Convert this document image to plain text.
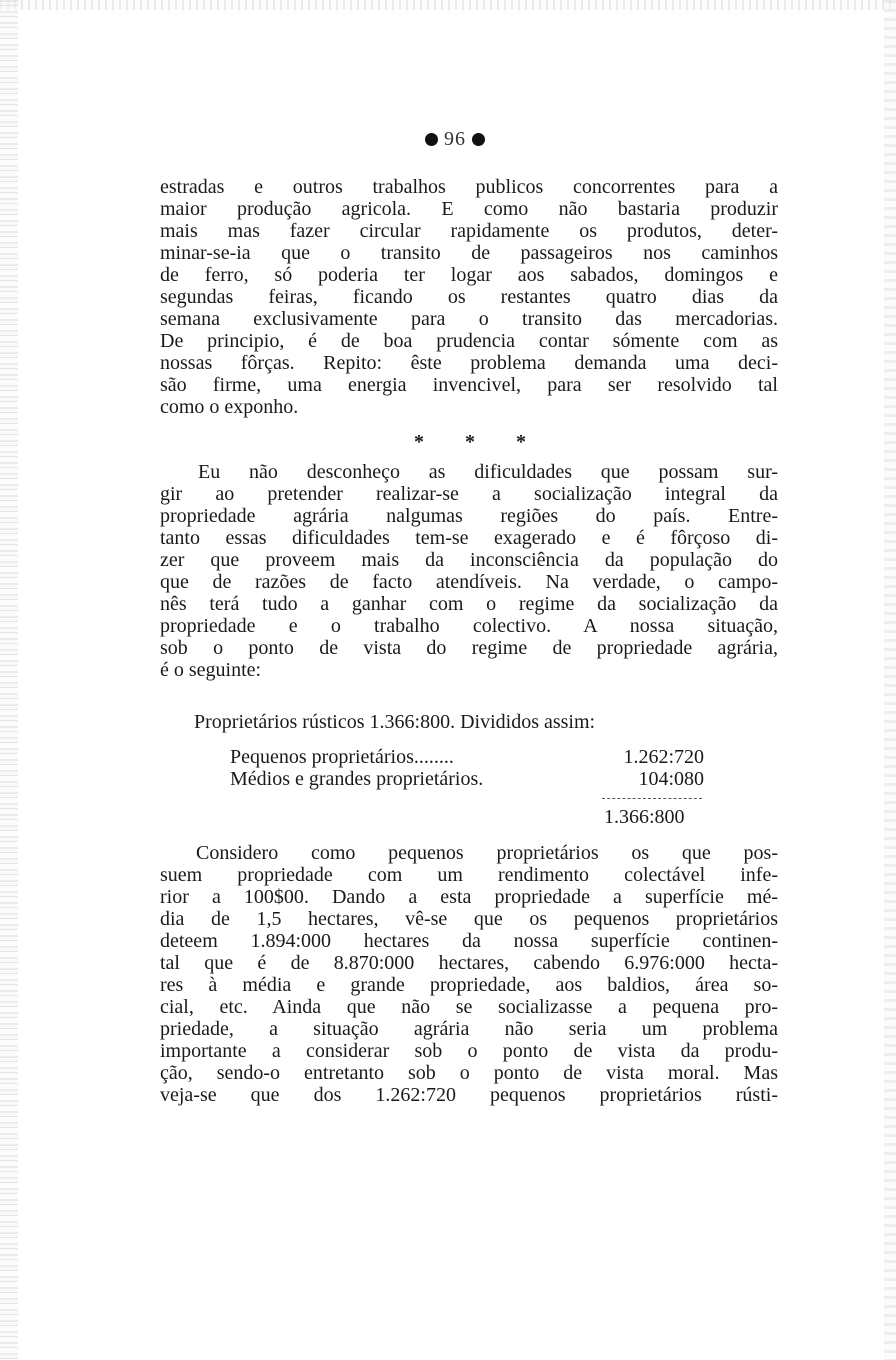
96
estradas e outros trabalhos publicos concorrentes para a
maior produção agricola. E como não bastaria produzir
mais mas fazer circular rapidamente os produtos, deter-
minar-se-ia que o transito de passageiros nos caminhos
de ferro, só poderia ter logar aos sabados, domingos e
segundas feiras, ficando os restantes quatro dias da
semana exclusivamente para o transito das mercadorias.
De principio, é de boa prudencia contar sómente com as
nossas fôrças. Repito: êste problema demanda uma deci-
são firme, uma energia invencivel, para ser resolvido tal
como o exponho.
* * *
Eu não desconheço as dificuldades que possam sur-
gir ao pretender realizar-se a socialização integral da
propriedade agrária nalgumas regiões do país. Entre-
tanto essas dificuldades tem-se exagerado e é fôrçoso di-
zer que proveem mais da inconsciência da população do
que de razões de facto atendíveis. Na verdade, o campo-
nês terá tudo a ganhar com o regime da socialização da
propriedade e o trabalho colectivo. A nossa situação,
sob o ponto de vista do regime de propriedade agrária,
é o seguinte:
Proprietários rústicos 1.366:800. Divididos assim:
Pequenos proprietários........	1.262:720
Médios e grandes proprietários.	104:080
1.366:800
Considero como pequenos proprietários os que pos-
suem propriedade com um rendimento colectável infe-
rior a 100$00. Dando a esta propriedade a superfície mé-
dia de 1,5 hectares, vê-se que os pequenos proprietários
deteem 1.894:000 hectares da nossa superfície continen-
tal que é de 8.870:000 hectares, cabendo 6.976:000 hecta-
res à média e grande propriedade, aos baldios, área so-
cial, etc. Ainda que não se socializasse a pequena pro-
priedade, a situação agrária não seria um problema
importante a considerar sob o ponto de vista da produ-
ção, sendo-o entretanto sob o ponto de vista moral. Mas
veja-se que dos 1.262:720 pequenos proprietários rústi-
